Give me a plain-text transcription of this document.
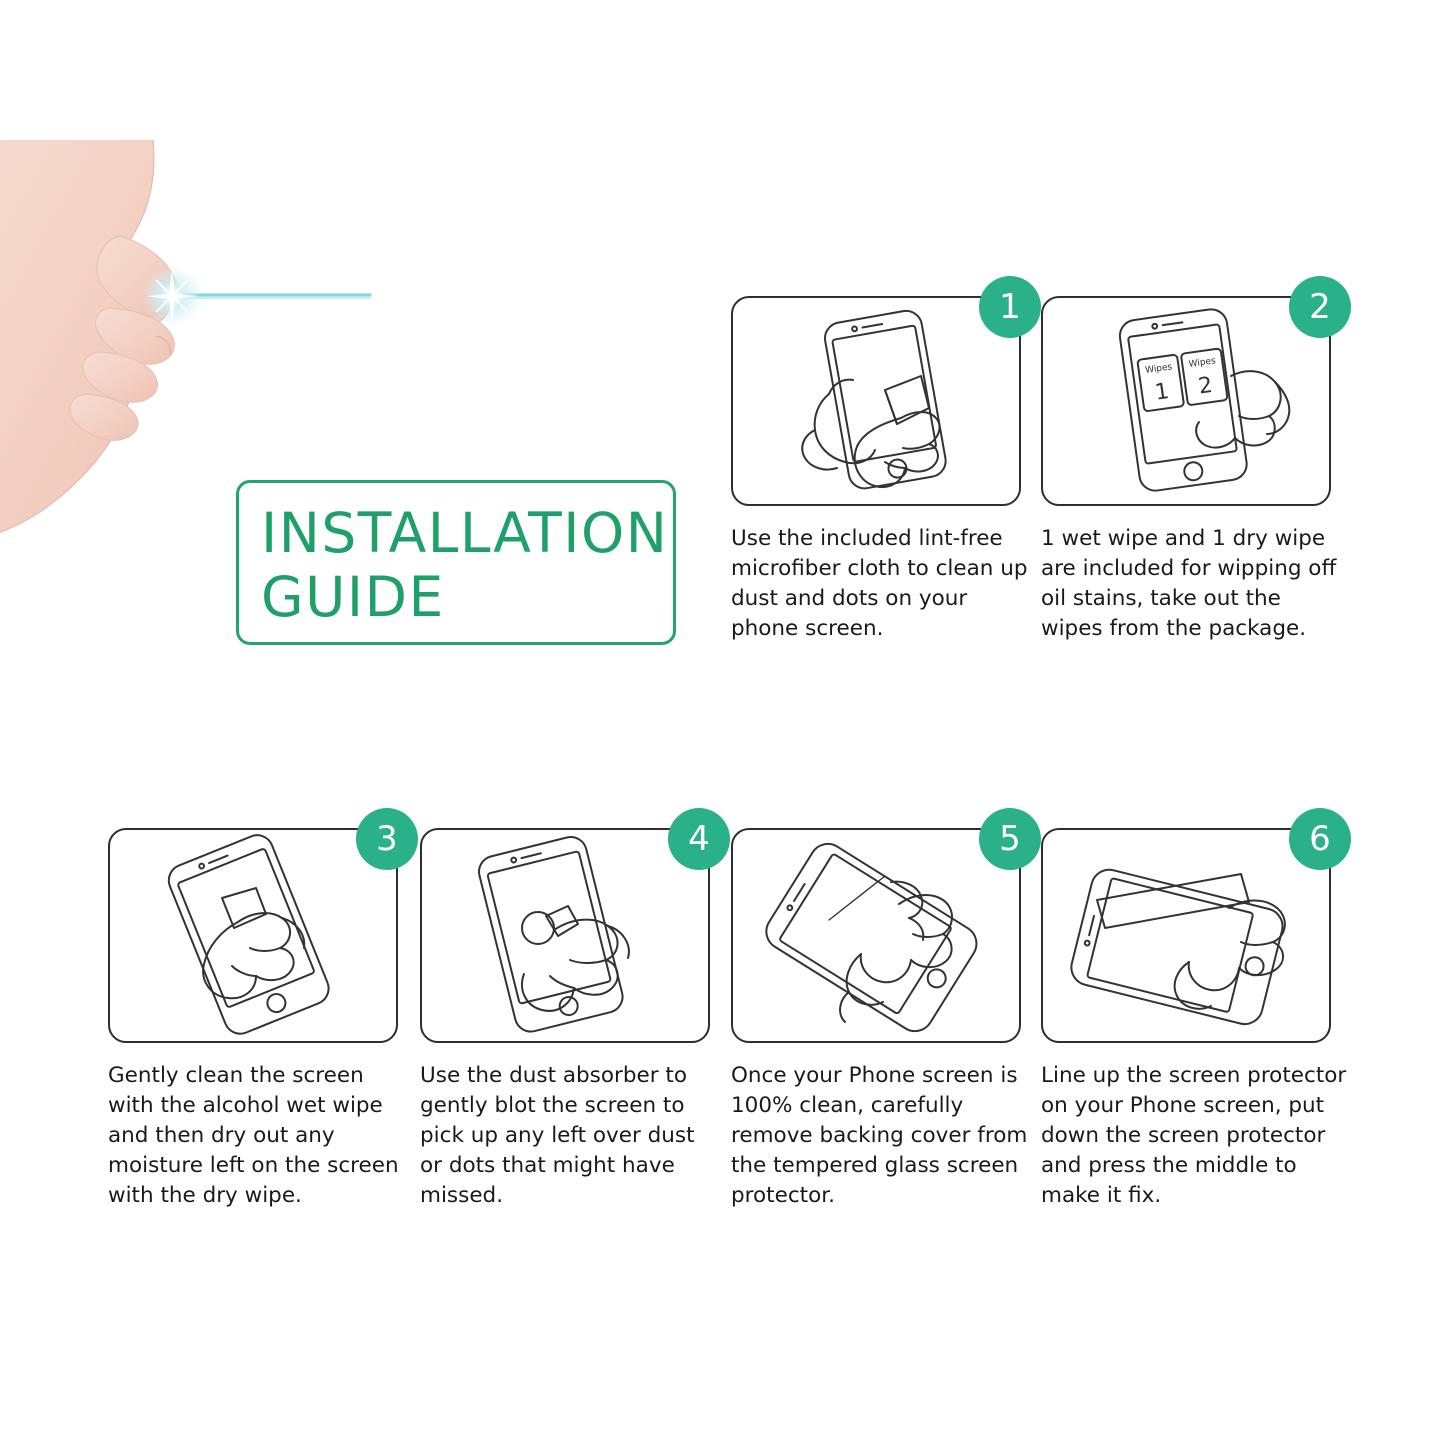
INSTALLATION
GUIDE
1
Use the included lint-free microfiber cloth to clean up dust and dots on your phone screen.
2
Wipes Wipes
1 2
1 wet wipe and 1 dry wipe are included for wipping off oil stains, take out the wipes from the package.
3
Gently clean the screen with the alcohol wet wipe and then dry out any moisture left on the screen with the dry wipe.
4
Use the dust absorber to gently blot the screen to pick up any left over dust or dots that might have missed.
5
Once your Phone screen is 100% clean, carefully remove backing cover from the tempered glass screen protector.
6
Line up the screen protector on your Phone screen, put down the screen protector and press the middle to make it fix.
